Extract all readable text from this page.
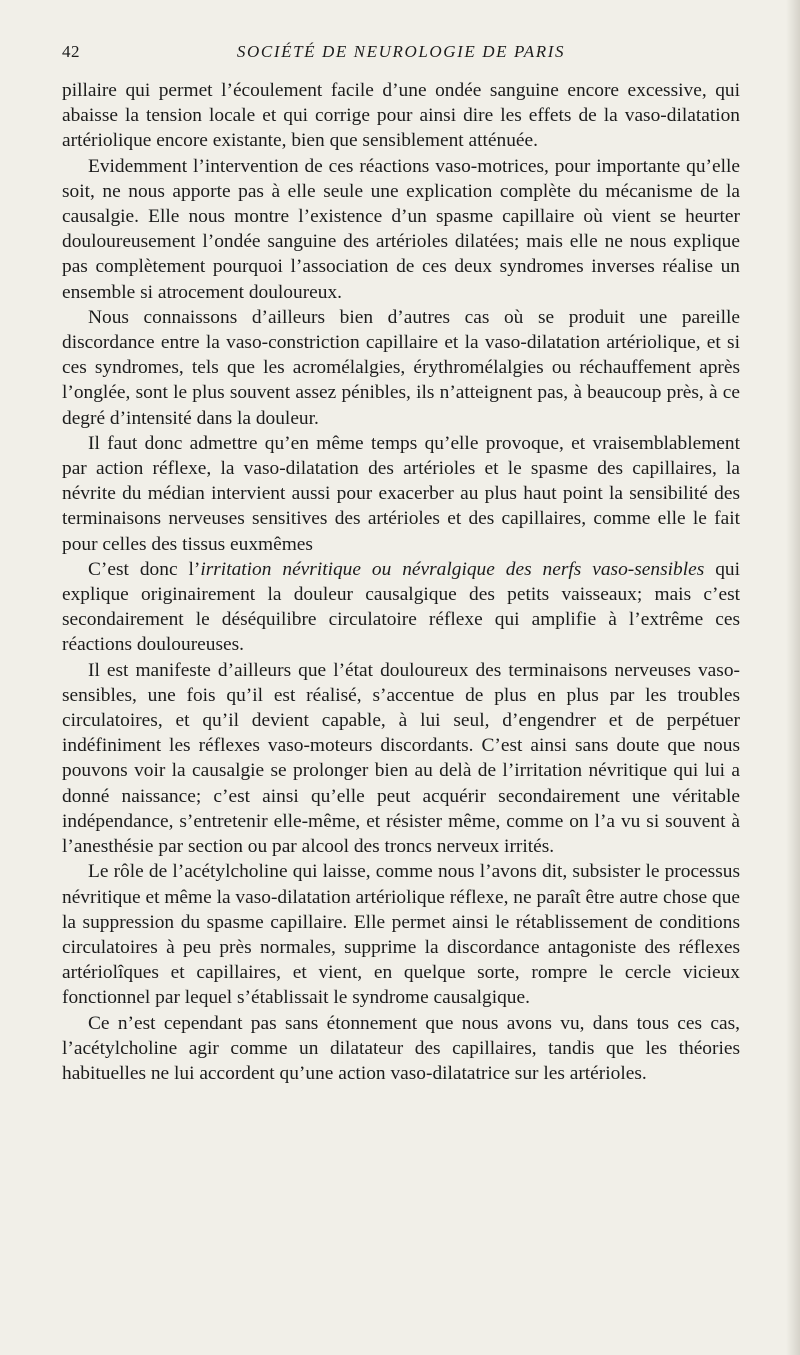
42	SOCIÉTÉ DE NEUROLOGIE DE PARIS

pillaire qui permet l’écoulement facile d’une ondée sanguine encore excessive, qui abaisse la tension locale et qui corrige pour ainsi dire les effets de la vaso-dilatation artériolique encore existante, bien que sensiblement atténuée.

Evidemment l’intervention de ces réactions vaso-motrices, pour importante qu’elle soit, ne nous apporte pas à elle seule une explication complète du mécanisme de la causalgie. Elle nous montre l’existence d’un spasme capillaire où vient se heurter douloureusement l’ondée sanguine des artérioles dilatées; mais elle ne nous explique pas complètement pourquoi l’association de ces deux syndromes inverses réalise un ensemble si atrocement douloureux.

Nous connaissons d’ailleurs bien d’autres cas où se produit une pareille discordance entre la vaso-constriction capillaire et la vaso-dilatation artériolique, et si ces syndromes, tels que les acromélalgies, érythromélalgies ou réchauffement après l’onglée, sont le plus souvent assez pénibles, ils n’atteignent pas, à beaucoup près, à ce degré d’intensité dans la douleur.

Il faut donc admettre qu’en même temps qu’elle provoque, et vraisemblablement par action réflexe, la vaso-dilatation des artérioles et le spasme des capillaires, la névrite du médian intervient aussi pour exacerber au plus haut point la sensibilité des terminaisons nerveuses sensitives des artérioles et des capillaires, comme elle le fait pour celles des tissus euxmêmes

C’est donc l’irritation névritique ou névralgique des nerfs vaso-sensibles qui explique originairement la douleur causalgique des petits vaisseaux; mais c’est secondairement le déséquilibre circulatoire réflexe qui amplifie à l’extrême ces réactions douloureuses.

Il est manifeste d’ailleurs que l’état douloureux des terminaisons nerveuses vaso-sensibles, une fois qu’il est réalisé, s’accentue de plus en plus par les troubles circulatoires, et qu’il devient capable, à lui seul, d’engendrer et de perpétuer indéfiniment les réflexes vaso-moteurs discordants. C’est ainsi sans doute que nous pouvons voir la causalgie se prolonger bien au delà de l’irritation névritique qui lui a donné naissance; c’est ainsi qu’elle peut acquérir secondairement une véritable indépendance, s’entretenir elle-même, et résister même, comme on l’a vu si souvent à l’anesthésie par section ou par alcool des troncs nerveux irrités.

Le rôle de l’acétylcholine qui laisse, comme nous l’avons dit, subsister le processus névritique et même la vaso-dilatation artériolique réflexe, ne paraît être autre chose que la suppression du spasme capillaire. Elle permet ainsi le rétablissement de conditions circulatoires à peu près normales, supprime la discordance antagoniste des réflexes artériolîques et capillaires, et vient, en quelque sorte, rompre le cercle vicieux fonctionnel par lequel s’établissait le syndrome causalgique.

Ce n’est cependant pas sans étonnement que nous avons vu, dans tous ces cas, l’acétylcholine agir comme un dilatateur des capillaires, tandis que les théories habituelles ne lui accordent qu’une action vaso-dilatatrice sur les artérioles.
